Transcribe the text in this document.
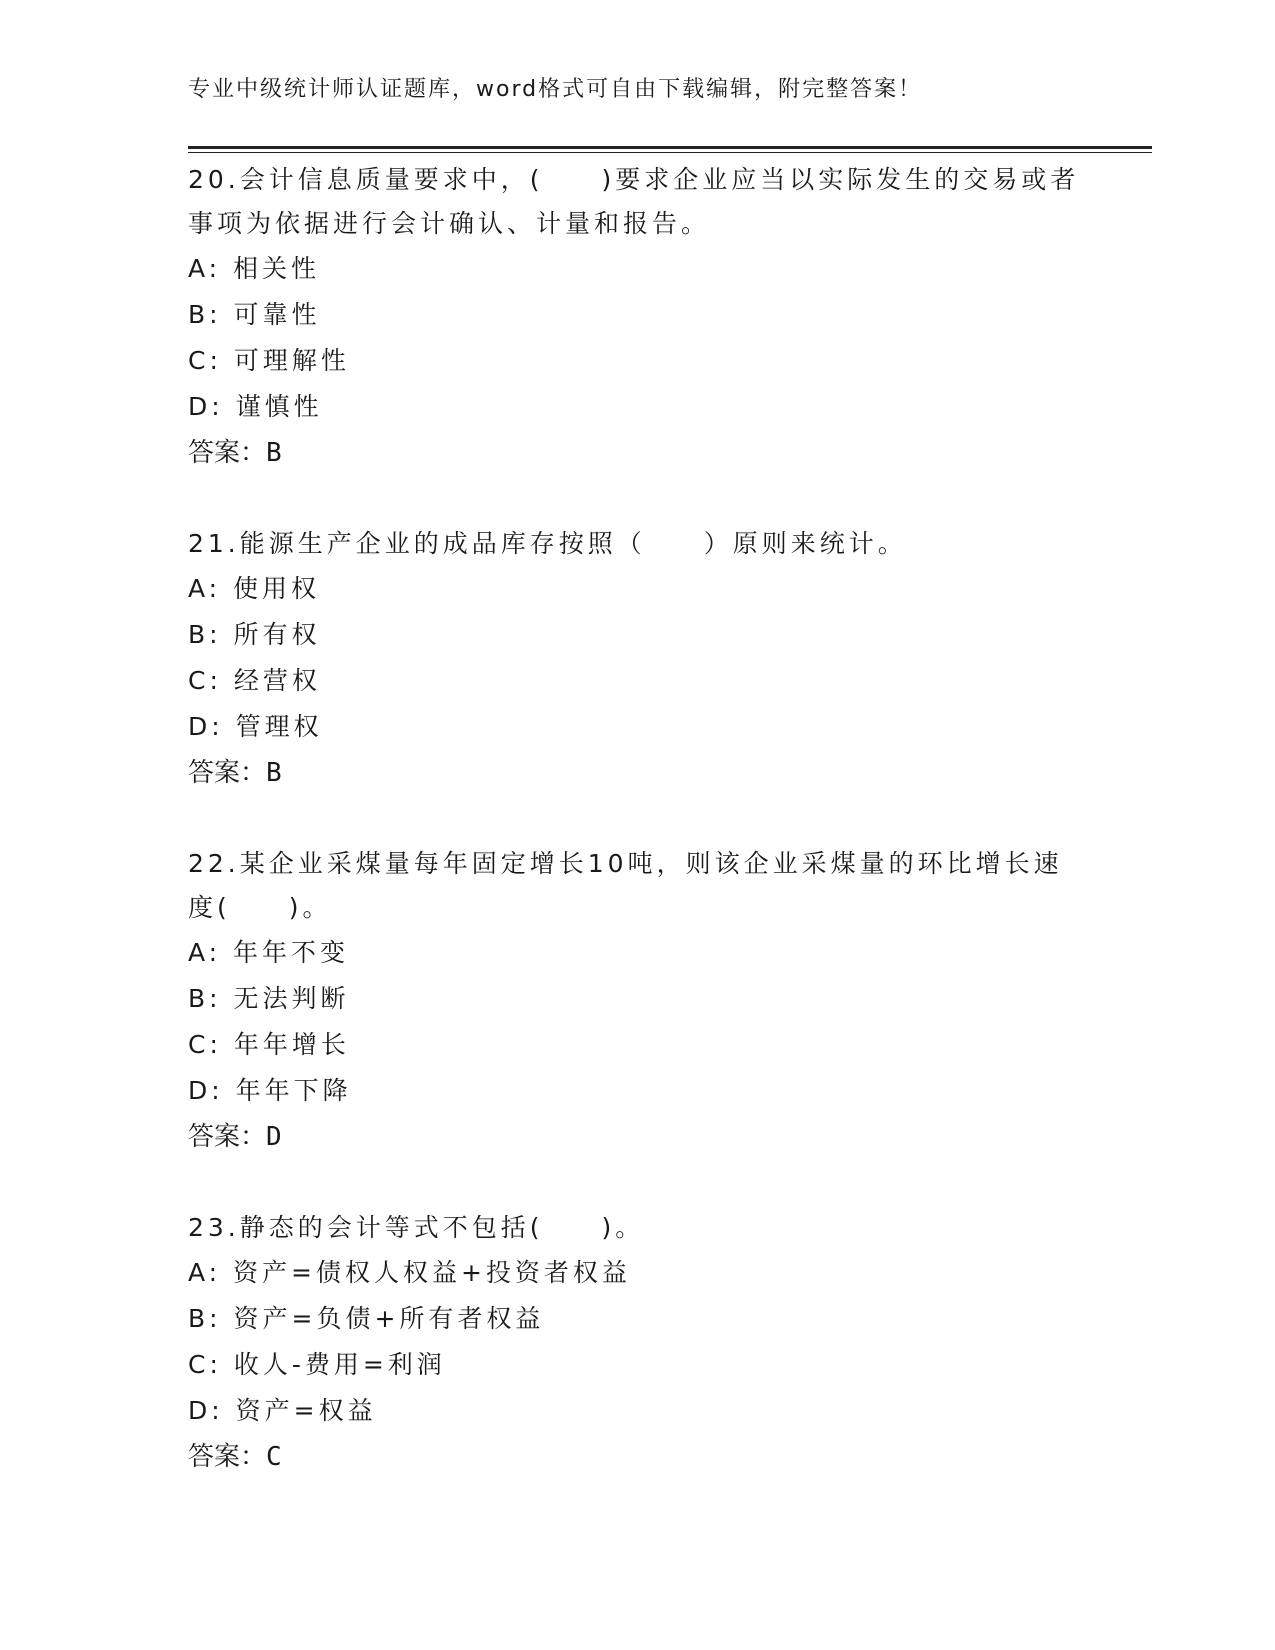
专业中级统计师认证题库，word格式可自由下载编辑，附完整答案！

20.会计信息质量要求中，(　　)要求企业应当以实际发生的交易或者

事项为依据进行会计确认、计量和报告。

A: 相关性

B: 可靠性

C: 可理解性

D: 谨慎性

答案：B

21.能源生产企业的成品库存按照（　　）原则来统计。

A: 使用权

B: 所有权

C: 经营权

D: 管理权

答案：B

22.某企业采煤量每年固定增长10吨，则该企业采煤量的环比增长速

度(　　)。

A: 年年不变

B: 无法判断

C: 年年增长

D: 年年下降

答案：D

23.静态的会计等式不包括(　　)。

A: 资产=债权人权益+投资者权益

B: 资产=负债+所有者权益

C: 收人-费用=利润

D: 资产=权益

答案：C
